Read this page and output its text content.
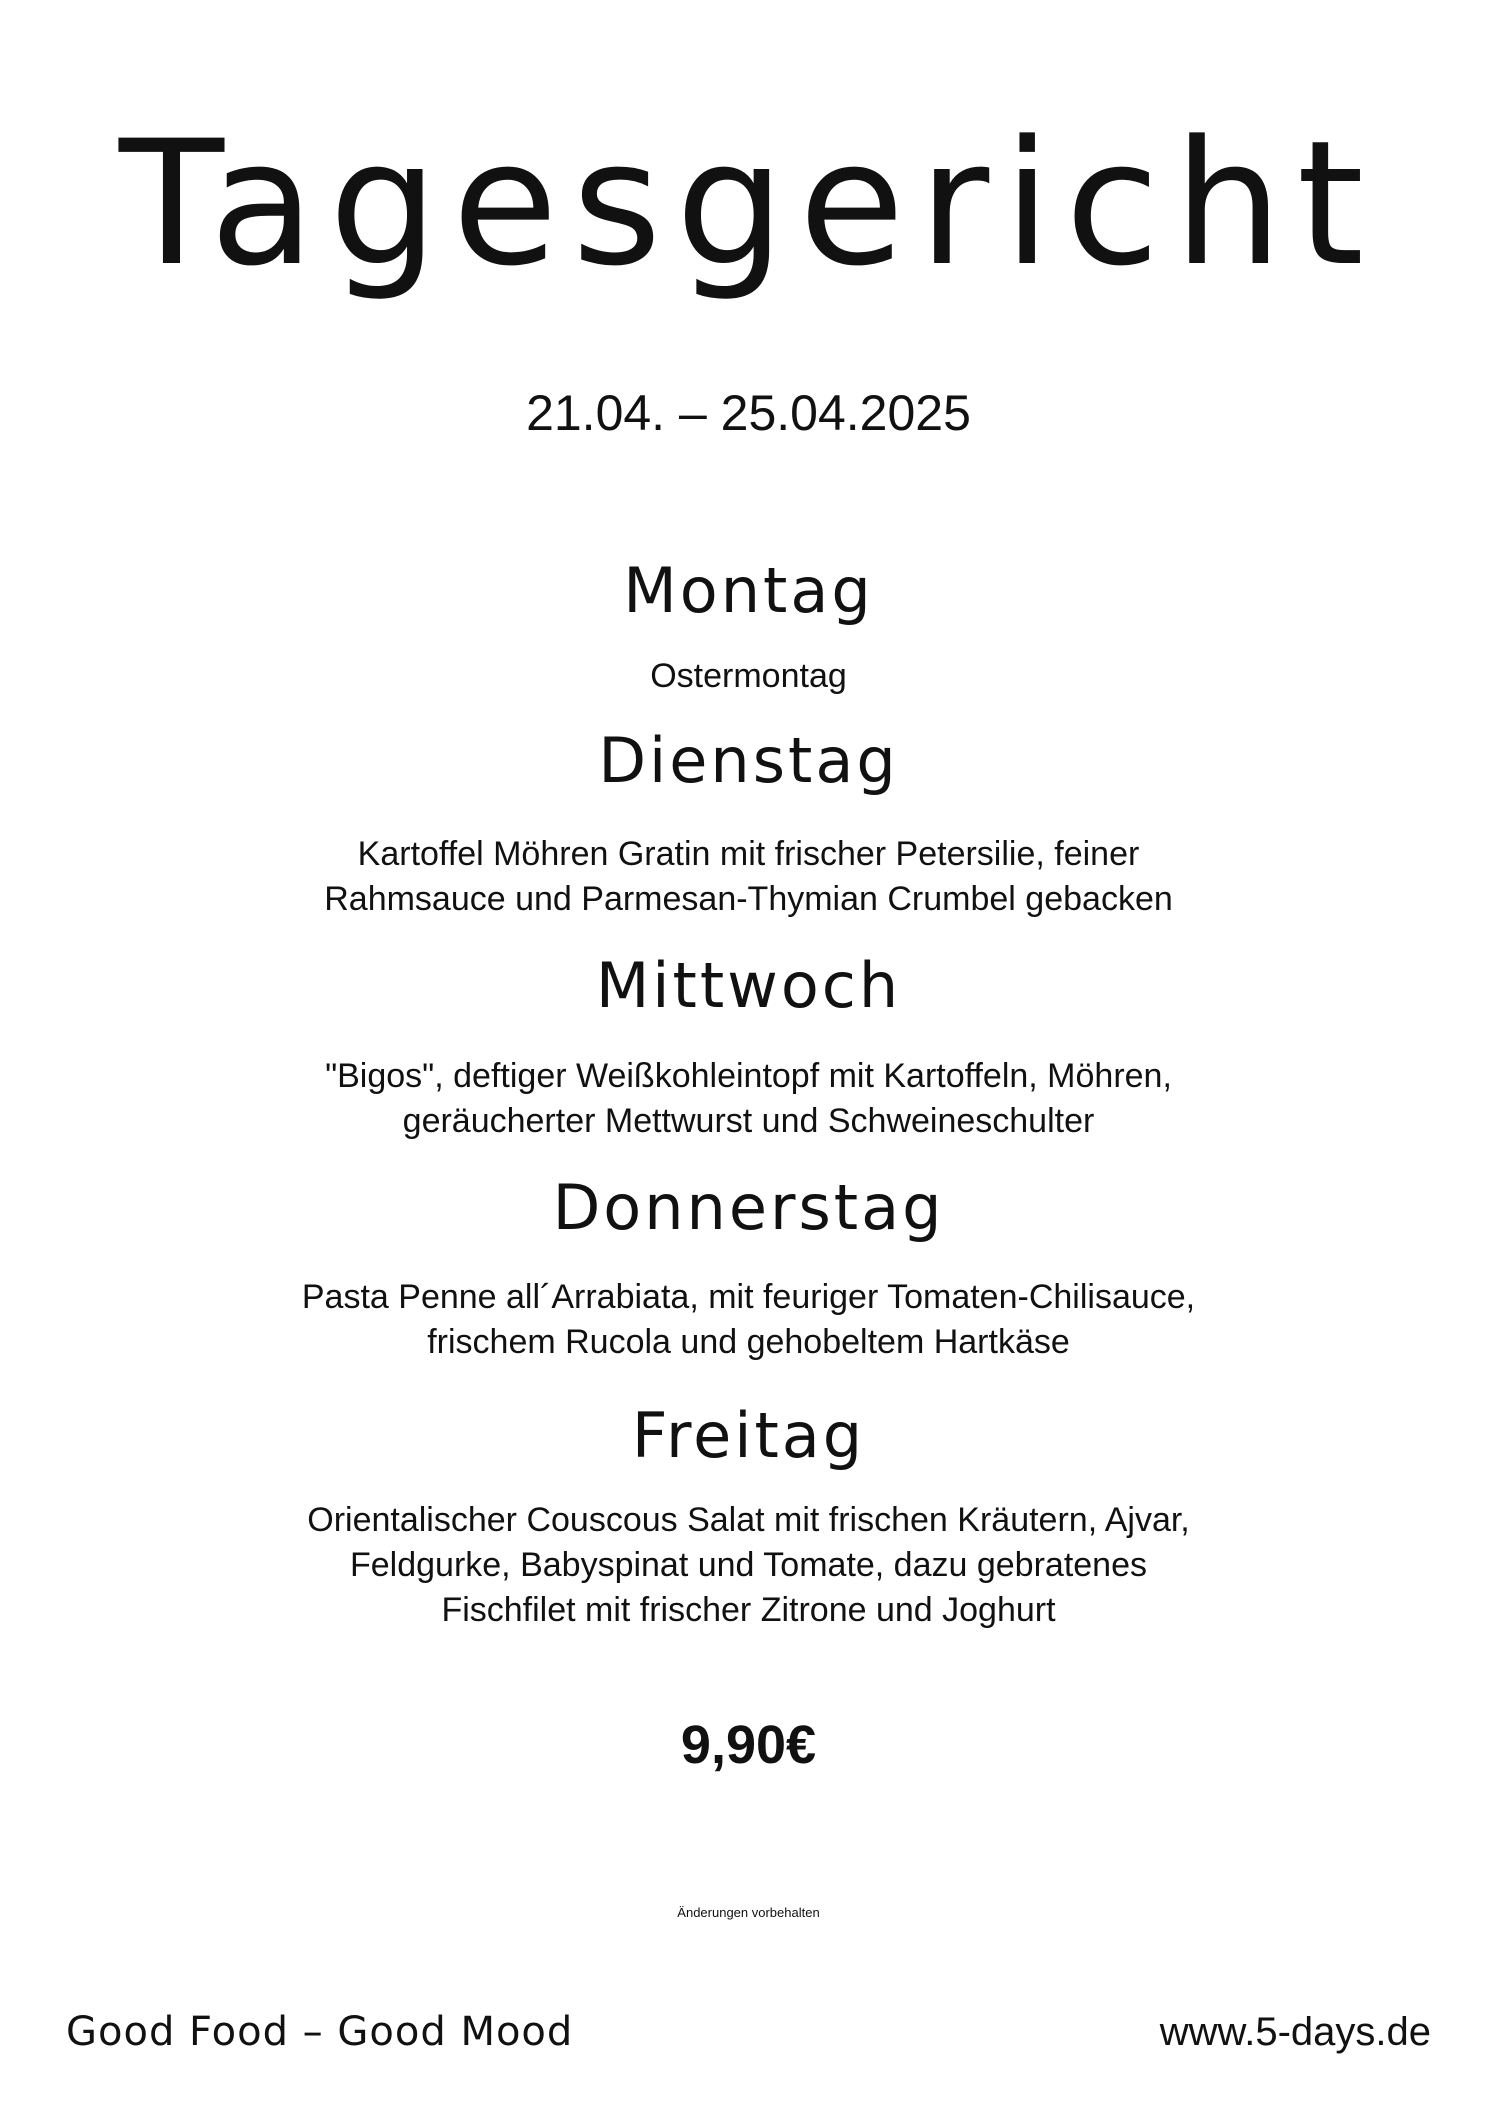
Tagesgericht
21.04. – 25.04.2025
Montag
Ostermontag
Dienstag
Kartoffel Möhren Gratin mit frischer Petersilie, feiner
Rahmsauce und Parmesan-Thymian Crumbel gebacken
Mittwoch
"Bigos", deftiger Weißkohleintopf mit Kartoffeln, Möhren,
geräucherter Mettwurst und Schweineschulter
Donnerstag
Pasta Penne all´Arrabiata, mit feuriger Tomaten-Chilisauce,
frischem Rucola und gehobeltem Hartkäse
Freitag
Orientalischer Couscous Salat mit frischen Kräutern, Ajvar,
Feldgurke, Babyspinat und Tomate, dazu gebratenes
Fischfilet mit frischer Zitrone und Joghurt
9,90€
Änderungen vorbehalten
Good Food – Good Mood	www.5-days.de
